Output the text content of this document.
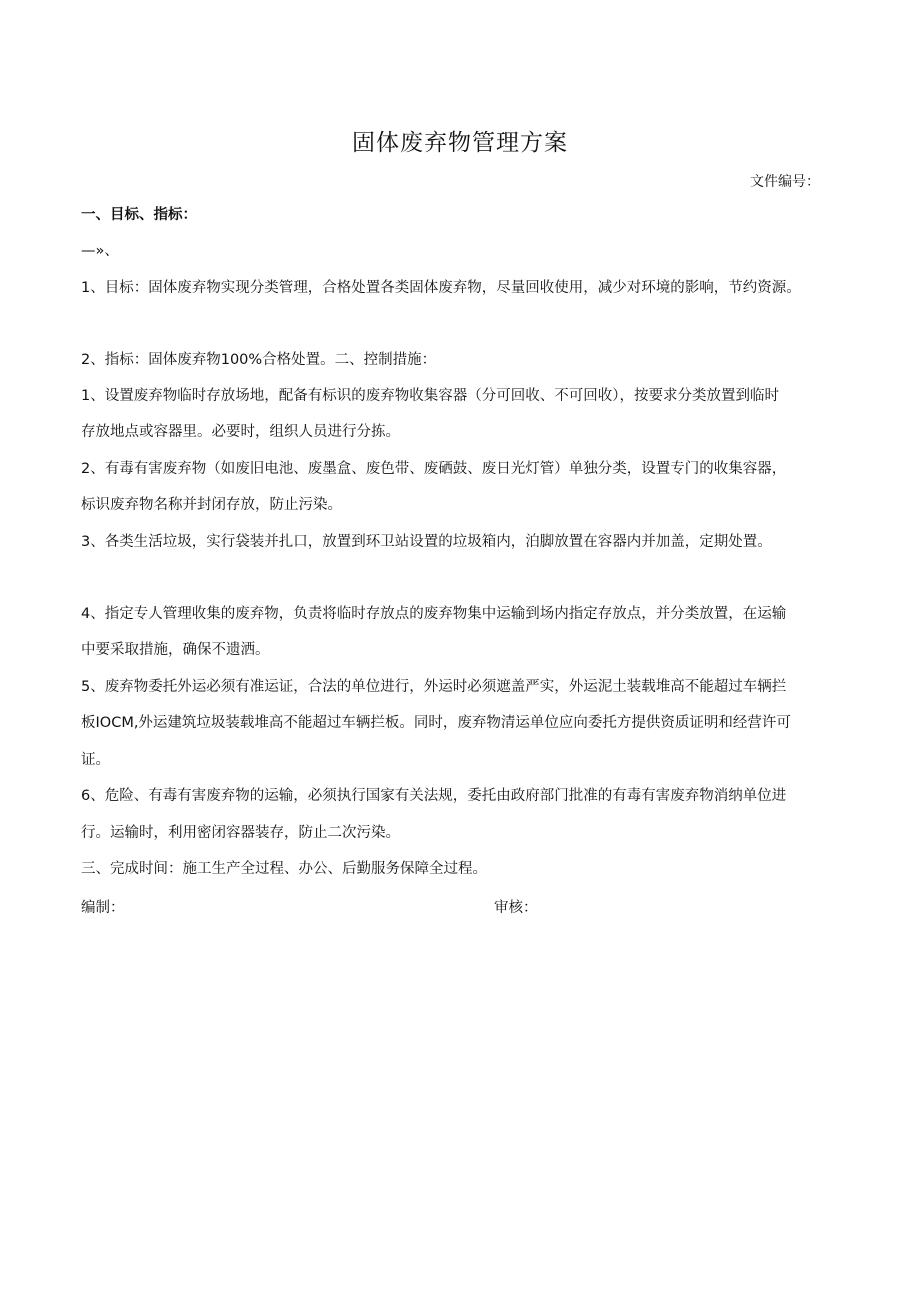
固体废弃物管理方案
文件编号：
一、目标、指标：
—»、
1、目标：固体废弃物实现分类管理，合格处置各类固体废弃物，尽量回收使用，减少对环境的影响，节约资源。
2、指标：固体废弃物100%合格处置。二、控制措施：
1、设置废弃物临时存放场地，配备有标识的废弃物收集容器（分可回收、不可回收），按要求分类放置到临时
存放地点或容器里。必要时，组织人员进行分拣。
2、有毒有害废弃物（如废旧电池、废墨盒、废色带、废硒鼓、废日光灯管）单独分类，设置专门的收集容器，
标识废弃物名称并封闭存放，防止污染。
3、各类生活垃圾，实行袋装并扎口，放置到环卫站设置的垃圾箱内，泊脚放置在容器内并加盖，定期处置。
4、指定专人管理收集的废弃物，负责将临时存放点的废弃物集中运输到场内指定存放点，并分类放置，在运输
中要采取措施，确保不遗洒。
5、废弃物委托外运必须有准运证，合法的单位进行，外运时必须遮盖严实，外运泥土装载堆高不能超过车辆拦
板IOCM,外运建筑垃圾装载堆高不能超过车辆拦板。同时，废弃物清运单位应向委托方提供资质证明和经营许可
证。
6、危险、有毒有害废弃物的运输，必须执行国家有关法规，委托由政府部门批准的有毒有害废弃物消纳单位进
行。运输时，利用密闭容器装存，防止二次污染。
三、完成时间：施工生产全过程、办公、后勤服务保障全过程。
编制：	审核：
